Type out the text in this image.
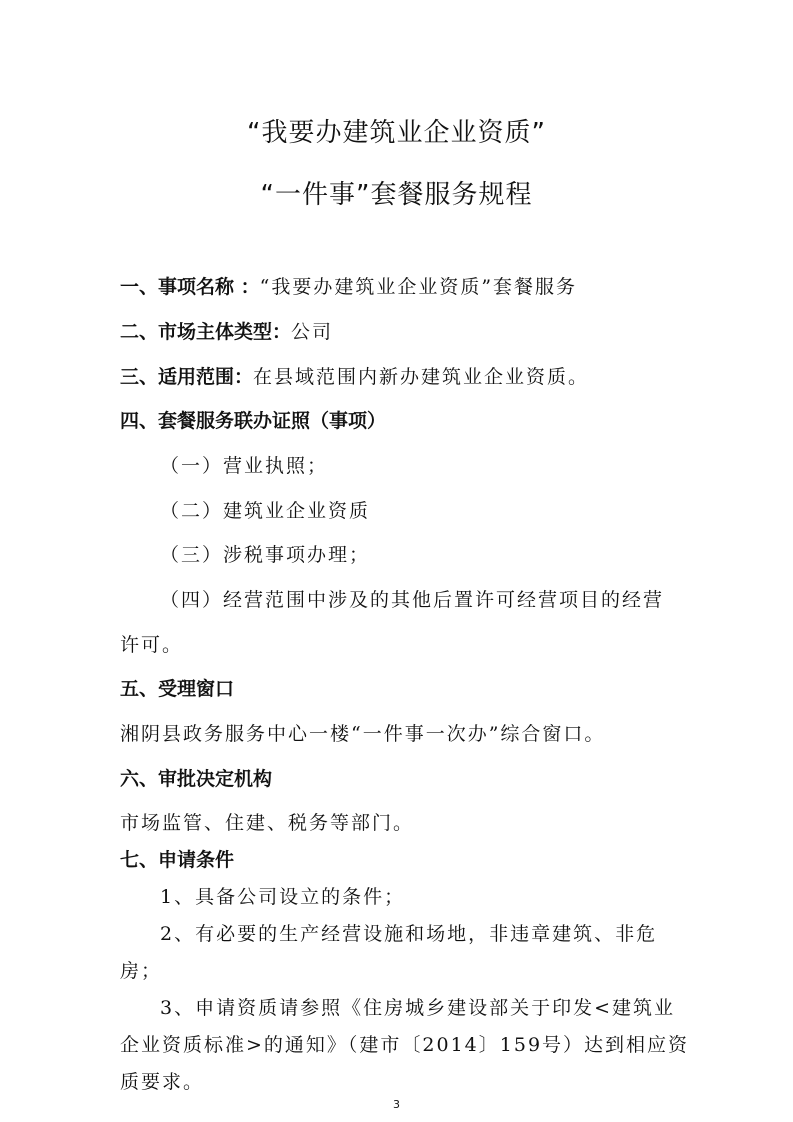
“我要办建筑业企业资质”
“一件事”套餐服务规程
一、事项名称 ：“我要办建筑业企业资质”套餐服务
二、市场主体类型：公司
三、适用范围：在县域范围内新办建筑业企业资质。
四、套餐服务联办证照（事项）
（一）营业执照；
（二）建筑业企业资质
（三）涉税事项办理；
（四）经营范围中涉及的其他后置许可经营项目的经营
许可。
五、受理窗口
湘阴县政务服务中心一楼“一件事一次办”综合窗口。
六、审批决定机构
市场监管、住建、税务等部门。
七、申请条件
1、具备公司设立的条件；
2、有必要的生产经营设施和场地，非违章建筑、非危
房；
3、申请资质请参照《住房城乡建设部关于印发<建筑业
企业资质标准>的通知》（建市〔2014〕159号）达到相应资
质要求。
3
